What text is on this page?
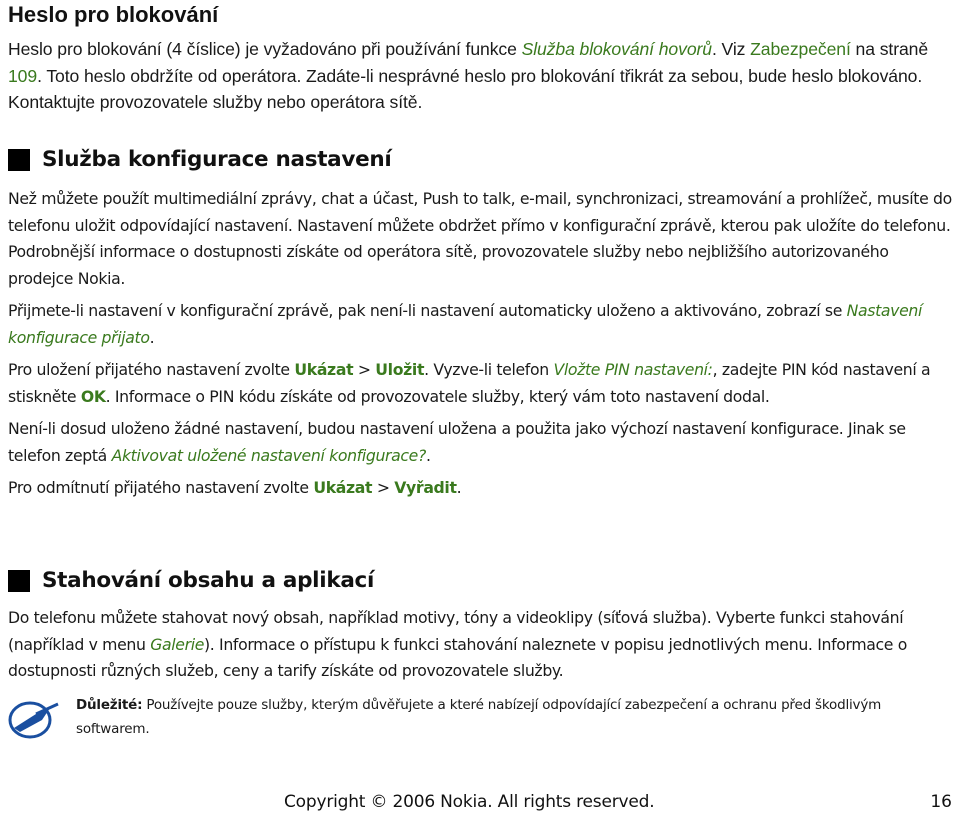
Heslo pro blokování
Heslo pro blokování (4 číslice) je vyžadováno při používání funkce Služba blokování hovorů. Viz Zabezpečení na straně 109. Toto heslo obdržíte od operátora. Zadáte-li nesprávné heslo pro blokování třikrát za sebou, bude heslo blokováno. Kontaktujte provozovatele služby nebo operátora sítě.
Služba konfigurace nastavení

Než můžete použít multimediální zprávy, chat a účast, Push to talk, e-mail, synchronizaci, streamování a prohlížeč, musíte do telefonu uložit odpovídající nastavení. Nastavení můžete obdržet přímo v konfigurační zprávě, kterou pak uložíte do telefonu. Podrobnější informace o dostupnosti získáte od operátora sítě, provozovatele služby nebo nejbližšího autorizovaného prodejce Nokia.

Přijmete-li nastavení v konfigurační zprávě, pak není-li nastavení automaticky uloženo a aktivováno, zobrazí se Nastavení konfigurace přijato.

Pro uložení přijatého nastavení zvolte Ukázat > Uložit. Vyzve-li telefon Vložte PIN nastavení:, zadejte PIN kód nastavení a stiskněte OK. Informace o PIN kódu získáte od provozovatele služby, který vám toto nastavení dodal.

Není-li dosud uloženo žádné nastavení, budou nastavení uložena a použita jako výchozí nastavení konfigurace. Jinak se telefon zeptá Aktivovat uložené nastavení konfigurace?.

Pro odmítnutí přijatého nastavení zvolte Ukázat > Vyřadit.

Stahování obsahu a aplikací

Do telefonu můžete stahovat nový obsah, například motivy, tóny a videoklipy (síťová služba). Vyberte funkci stahování (například v menu Galerie). Informace o přístupu k funkci stahování naleznete v popisu jednotlivých menu. Informace o dostupnosti různých služeb, ceny a tarify získáte od provozovatele služby.

Důležité: Používejte pouze služby, kterým důvěřujete a které nabízejí odpovídající zabezpečení a ochranu před škodlivým softwarem.
Copyright © 2006 Nokia. All rights reserved.	16
